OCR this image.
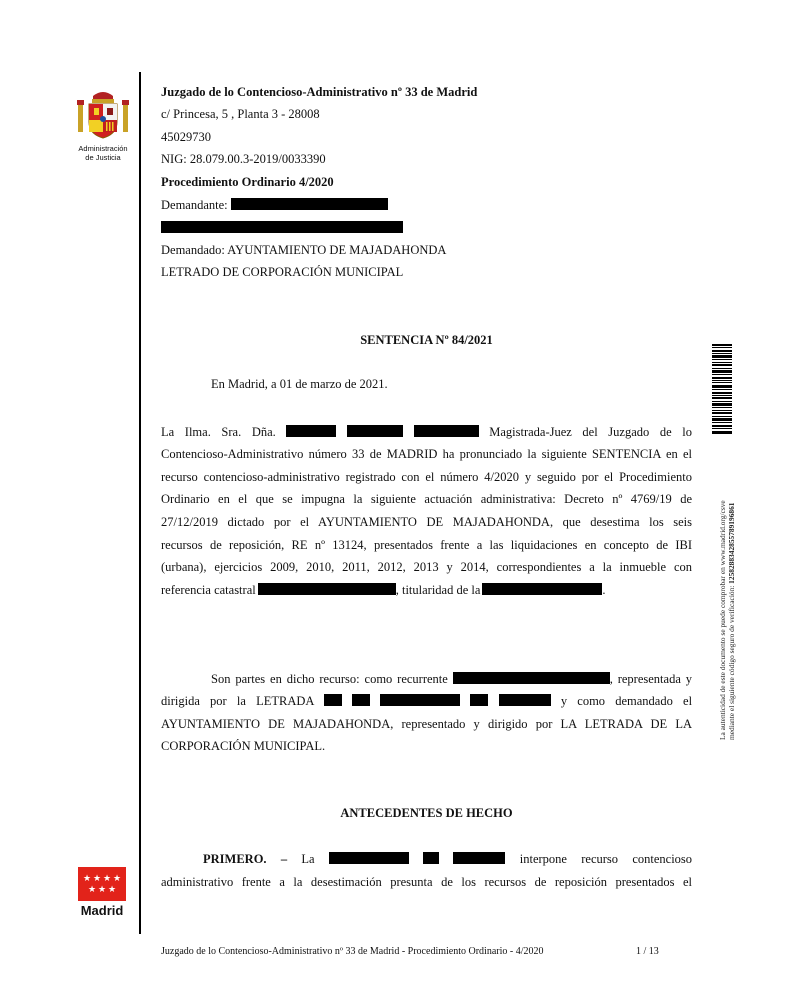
Administración
de Justicia
Juzgado de lo Contencioso-Administrativo nº 33 de Madrid
c/ Princesa, 5 , Planta 3 - 28008
45029730
NIG: 28.079.00.3-2019/0033390
Procedimiento Ordinario 4/2020
Demandante:
Demandado: AYUNTAMIENTO DE MAJADAHONDA
LETRADO DE CORPORACIÓN MUNICIPAL
SENTENCIA Nº 84/2021
En Madrid, a 01 de marzo de 2021.
La Ilma. Sra. Dña.	Magistrada-Juez del Juzgado de lo
Contencioso-Administrativo número 33 de MADRID ha pronunciado la siguiente SENTENCIA en el
recurso contencioso-administrativo registrado con el número 4/2020 y seguido por el Procedimiento
Ordinario en el que se impugna la siguiente actuación administrativa: Decreto nº 4769/19 de
27/12/2019 dictado por el AYUNTAMIENTO DE MAJADAHONDA, que desestima los seis
recursos de reposición, RE nº 13124, presentados frente a las liquidaciones en concepto de IBI
(urbana), ejercicios 2009, 2010, 2011, 2012, 2013 y 2014, correspondientes a la inmueble con
referencia catastral	, titularidad de la	.
Son partes en dicho recurso: como recurrente	, representada y
dirigida por la LETRADA	y como demandado el
AYUNTAMIENTO DE MAJADAHONDA, representado y dirigido por LA LETRADA DE LA
CORPORACIÓN MUNICIPAL.
ANTECEDENTES DE HECHO
PRIMERO. – La	interpone recurso contencioso
administrativo frente a la desestimación presunta de los recursos de reposición presentados el
La autenticidad de este documento se puede comprobar en www.madrid.org/csve mediante el siguiente código seguro de verificación: 1258288342855789196861
★ ★ ★ ★
★ ★ ★
Madrid
Juzgado de lo Contencioso-Administrativo nº 33 de Madrid - Procedimiento Ordinario - 4/2020	1 / 13
